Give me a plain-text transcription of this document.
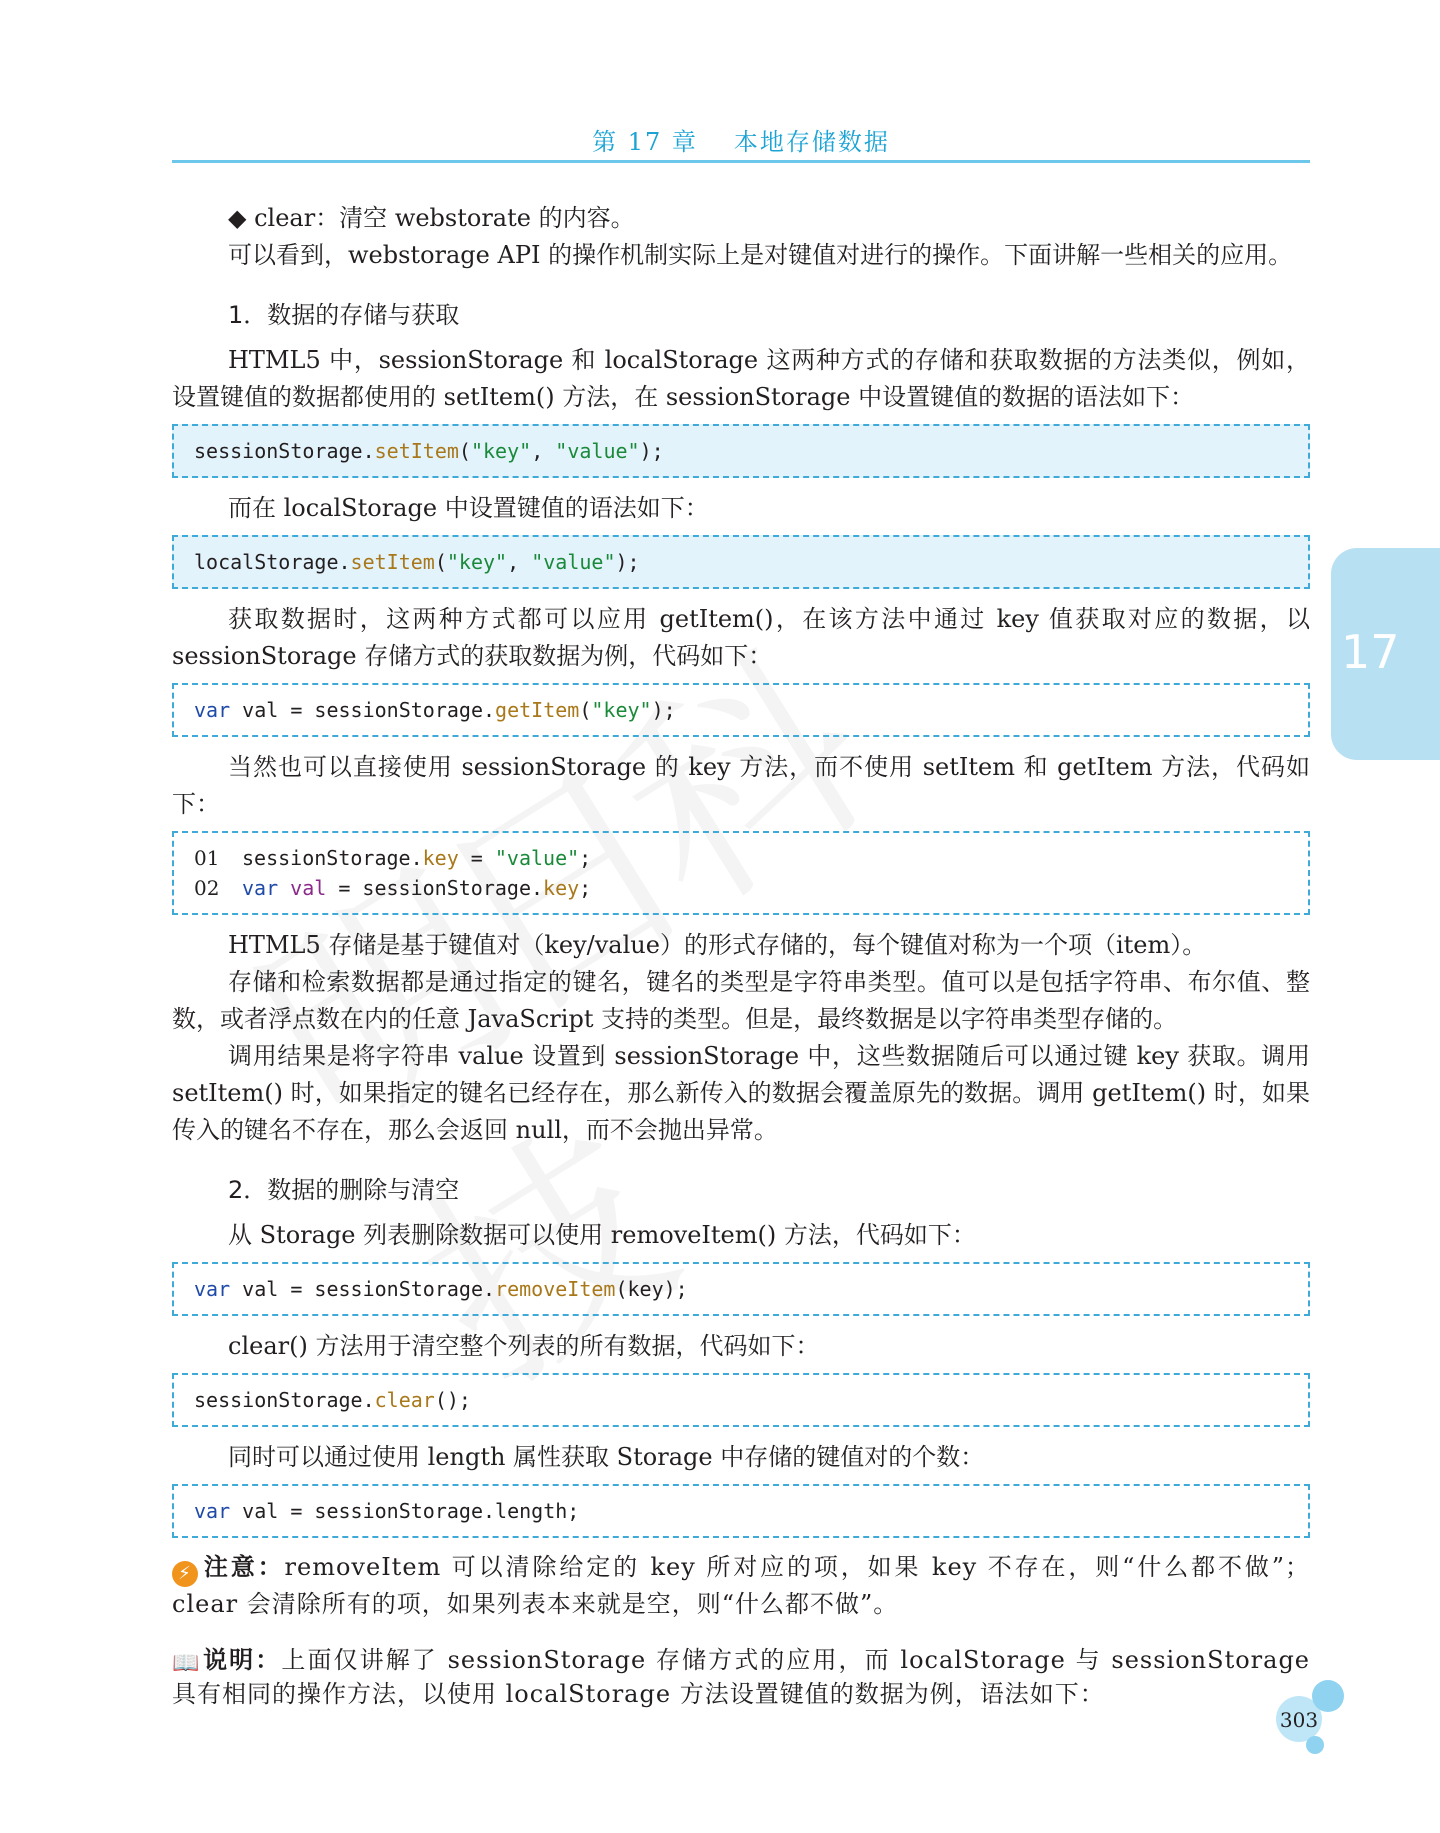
第 17 章 本地存储数据
17

◆ clear：清空 webstorate 的内容。

可以看到，webstorage API 的操作机制实际上是对键值对进行的操作。下面讲解一些相关的应用。

1．数据的存储与获取

HTML5 中，sessionStorage 和 localStorage 这两种方式的存储和获取数据的方法类似，例如，设置键值的数据都使用的 setItem() 方法，在 sessionStorage 中设置键值的数据的语法如下：

sessionStorage.setItem("key", "value");

而在 localStorage 中设置键值的语法如下：

localStorage.setItem("key", "value");

获取数据时，这两种方式都可以应用 getItem()，在该方法中通过 key 值获取对应的数据，以 sessionStorage 存储方式的获取数据为例，代码如下：

var val = sessionStorage.getItem("key");

当然也可以直接使用 sessionStorage 的 key 方法，而不使用 setItem 和 getItem 方法，代码如下：

01 sessionStorage.key = "value";
02 var val = sessionStorage.key;

HTML5 存储是基于键值对（key/value）的形式存储的，每个键值对称为一个项（item）。

存储和检索数据都是通过指定的键名，键名的类型是字符串类型。值可以是包括字符串、布尔值、整数，或者浮点数在内的任意 JavaScript 支持的类型。但是，最终数据是以字符串类型存储的。

调用结果是将字符串 value 设置到 sessionStorage 中，这些数据随后可以通过键 key 获取。调用 setItem() 时，如果指定的键名已经存在，那么新传入的数据会覆盖原先的数据。调用 getItem() 时，如果传入的键名不存在，那么会返回 null，而不会抛出异常。

2．数据的删除与清空

从 Storage 列表删除数据可以使用 removeItem() 方法，代码如下：

var val = sessionStorage.removeItem(key);

clear() 方法用于清空整个列表的所有数据，代码如下：

sessionStorage.clear();

同时可以通过使用 length 属性获取 Storage 中存储的键值对的个数：

var val = sessionStorage.length;
⚡ 注意：removeItem 可以清除给定的 key 所对应的项，如果 key 不存在，则“什么都不做”；clear 会清除所有的项，如果列表本来就是空，则“什么都不做”。
📖说明：上面仅讲解了 sessionStorage 存储方式的应用，而 localStorage 与 sessionStorage 具有相同的操作方法，以使用 localStorage 方法设置键值的数据为例，语法如下：
303
